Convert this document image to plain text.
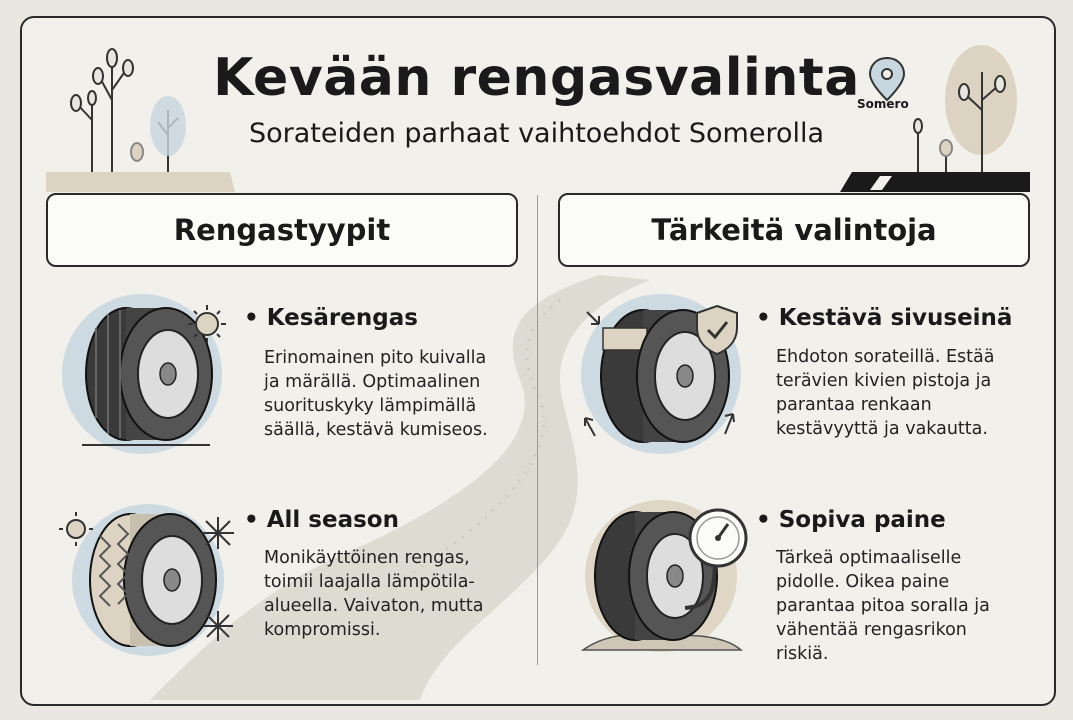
Kevään rengasvalinta
Sorateiden parhaat vaihtoehdot Somerolla
Somero
Rengastyypit	Tärkeitä valintoja
• Kesärengas
Erinomainen pito kuivalla
ja märällä. Optimaalinen
suorituskyky lämpimällä
säällä, kestävä kumiseos.
• All season
Monikäyttöinen rengas,
toimii laajalla lämpötila-
alueella. Vaivaton, mutta
kompromissi.
• Kestävä sivuseinä
Ehdoton sorateillä. Estää
terävien kivien pistoja ja
parantaa renkaan
kestävyyttä ja vakautta.
• Sopiva paine
Tärkeä optimaaliselle
pidolle. Oikea paine
parantaa pitoa soralla ja
vähentää rengasrikon
riskiä.
